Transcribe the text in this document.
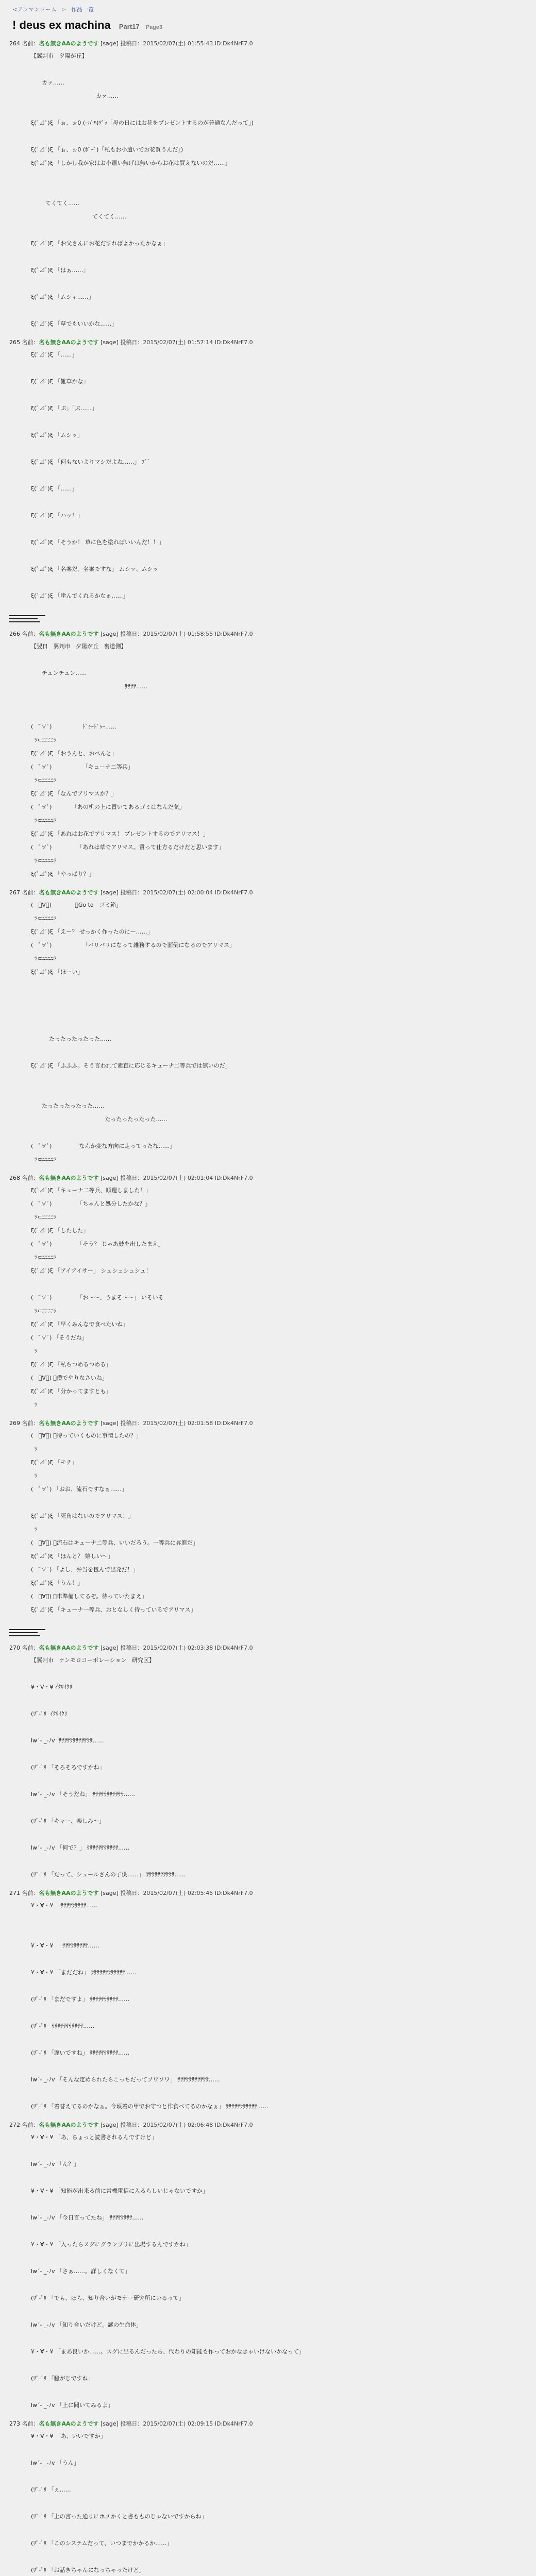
<アンマンドーム > 作品一覧
! deus ex machina Part17 Page3
264 名前：名も無きAAのようです [sage] 投稿日：2015/02/07(土) 01:55:43 ID:Dk4NrF7.0
【翼判市   夕陽が丘】

カァ……
カァ……

ξ(ﾟ⊿ﾟ)ξ 「ぉ、ぉ0 (ｰﾊﾞﾊ)ﾂﾞｯ「母の日にはお花をプレゼントするのが普通なんだって」)

ξ(ﾟ⊿ﾟ)ξ 「ぉ、ぉ0 (ﾎﾞｰﾞ)「私もお小遣いでお花買うんだ」)
ξ(ﾟ⊿ﾟ)ξ 「しかし我が家はお小遣い無げは無いからお花は買えないのだ……」

てくてく……
てくてく……

ξ(ﾟ⊿ﾟ)ξ 「お父さんにお花だすればよかったかなぁ」

ξ(ﾟ⊿ﾟ)ξ 「はぁ……」

ξ(ﾟ⊿ﾟ)ξ 「ムシィ……」

ξ(ﾟ⊿ﾟ)ξ 「草でもいいかな……」
265 名前：名も無きAAのようです [sage] 投稿日：2015/02/07(土) 01:57:14 ID:Dk4NrF7.0
ξ(ﾟ⊿ﾟ)ξ 「……」

ξ(ﾟ⊿ﾟ)ξ 「雑草かな」

ξ(ﾟ⊿ﾟ)ξ 「ぷ」「ぷ……」

ξ(ﾟ⊿ﾟ)ξ 「ムシッ」

ξ(ﾟ⊿ﾟ)ξ 「何もないよりマシだよね……」 ﾌﾞﾞ

ξ(ﾟ⊿ﾟ)ξ 「……」

ξ(ﾟ⊿ﾟ)ξ 「ハッ！」

ξ(ﾟ⊿ﾟ)ξ 「そうか！ 草に色を塗ればいいんだ！！」

ξ(ﾟ⊿ﾟ)ξ 「名案だ。名案ですな」 ムシッ、ムシッ

ξ(ﾟ⊿ﾟ)ξ 「塗んでくれるかなぁ……」
266 名前：名も無きAAのようです [sage] 投稿日：2015/02/07(土) 01:58:55 ID:Dk4NrF7.0
【翌日   翼判市   夕陽が丘   裏道側】

チュンチュン……
ｻｻｻｻ……

(   ﾟ∀ﾟ)                 ﾄﾞｩｰﾄﾞｩｰ……
ﾂ⊂ﾆﾆﾆﾆﾂ
ξ(ﾟ⊿ﾟ)ξ 「おうんと、おべんと」
(   ﾟ∀ﾟ)                 「キューナ二等兵」
ﾂ⊂ﾆﾆﾆﾆﾂ
ξ(ﾟ⊿ﾟ)ξ 「なんでアリマスか？」
(   ﾟ∀ﾟ)           「あの机の上に置いてあるゴミはなんだ気」
ﾂ⊂ﾆﾆﾆﾆﾂ
ξ(ﾟ⊿ﾟ)ξ 「あれはお花でアリマス！ プレゼントするのでアリマス！」
(   ﾟ∀ﾟ)              「あれは草でアリマス。質って仕方るだけだと思います」
ﾂ⊂ﾆﾆﾆﾆﾂ
ξ(ﾟ⊿ﾟ)ξ 「やっぱり？」
267 名前：名も無きAAのようです [sage] 投稿日：2015/02/07(土) 02:00:04 ID:Dk4NrF7.0
(   ﾟ∀ﾟ)             「Go to   ゴミ箱」
ﾂ⊂ﾆﾆﾆﾆﾂ
ξ(ﾟ⊿ﾟ)ξ 「えー？ せっかく作ったのにー……」
(   ﾟ∀ﾟ)                 「バリバリになって雑務するので面倒になるのでアリマス」
ﾂ⊂ﾆﾆﾆﾆﾂ
ξ(ﾟ⊿ﾟ)ξ 「ほーい」

たったったったった……

ξ(ﾟ⊿ﾟ)ξ 「ふふふ。そう言われて素直に応じるキューナ二等兵では無いのだ」

たったったったった……
たったったったった……

(   ﾟ∀ﾟ)            「なんか変な方向に走ってったな……」
ﾂ⊂ﾆﾆﾆﾆﾂ
268 名前：名も無きAAのようです [sage] 投稿日：2015/02/07(土) 02:01:04 ID:Dk4NrF7.0
ξ(ﾟ⊿ﾟ)ξ 「キューナ二等兵、順還しました！」
(   ﾟ∀ﾟ)              「ちゃんと処分したかな？」
ﾂ⊂ﾆﾆﾆﾆﾂ
ξ(ﾟ⊿ﾟ)ξ 「したした」
(   ﾟ∀ﾟ)              「そう？ じゃあ鼓を出したまえ」
ﾂ⊂ﾆﾆﾆﾆﾂ
ξ(ﾟ⊿ﾟ)ξ 「アイアイサー」 シュシュシュシュ！

(   ﾟ∀ﾟ)              「お〜〜、うまそ〜〜」 いそいそ
ﾂ⊂ﾆﾆﾆﾆﾂ
ξ(ﾟ⊿ﾟ)ξ 「早くみんなで食べたいね」
(   ﾟ∀ﾟ) 「そうだね」
ﾂ
ξ(ﾟ⊿ﾟ)ξ 「私ちつめるつめる」
(   ﾟ∀ﾟ) 「僕でやりなさいね」
ξ(ﾟ⊿ﾟ)ξ 「分かってますとも」
ﾂ
269 名前：名も無きAAのようです [sage] 投稿日：2015/02/07(土) 02:01:58 ID:Dk4NrF7.0
(   ﾟ∀ﾟ) 「待っていくものに事情したの？」
ﾂ
ξ(ﾟ⊿ﾟ)ξ 「モチ」
ﾂ
(   ﾟ∀ﾟ) 「おお、流石ですなぁ……」

ξ(ﾟ⊿ﾟ)ξ 「死角はないのでアリマス！」
ﾂ
(   ﾟ∀ﾟ) 「流石はキューナ二等兵、いいだろう。一等兵に昇進だ」
ξ(ﾟ⊿ﾟ)ξ 「ほんと？ 嬉しい〜」
(   ﾟ∀ﾟ) 「よし、弁当を包んで出発だ！」
ξ(ﾟ⊿ﾟ)ξ 「うん！」
(   ﾟ∀ﾟ) 「車準備してるぞ。待っていたまえ」
ξ(ﾟ⊿ﾟ)ξ 「キューナ一等兵、おとなしく待っているでアリマス」
270 名前：名も無きAAのようです [sage] 投稿日：2015/02/07(土) 02:03:38 ID:Dk4NrF7.0
【翼判市   ケンモロコーポレーション   研究区】

¥・∀・¥ ｲｸﾘｲｸﾘ

(ﾘﾟ-ﾟﾘ  ｲｸﾘｲｸﾘ

lw´‐ _‐ﾉv  ｻｻｻｻｻｻｻｻｻｻｻｻ……

(ﾘﾟ-ﾟﾘ 「そろそろですかね」

lw´‐ _‐ﾉv 「そうだね」 ｻｻｻｻｻｻｻｻｻｻｻ……

(ﾘﾟ-ﾟﾘ 「キャー、楽しみ〜」

lw´‐ _‐ﾉv 「何で？」 ｻｻｻｻｻｻｻｻｻｻｻ……

(ﾘﾟ-ﾟﾘ 「だって、シュールさんの子供……」 ｻｻｻｻｻｻｻｻｻｻ……
271 名前：名も無きAAのようです [sage] 投稿日：2015/02/07(土) 02:05:45 ID:Dk4NrF7.0
¥・∀・¥    ｻｻｻｻｻｻｻｻｻ……

¥・∀・¥     ｻｻｻｻｻｻｻｻｻ……

¥・∀・¥ 「まだだね」 ｻｻｻｻｻｻｻｻｻｻｻｻ……

(ﾘﾟ-ﾟﾘ 「まだですよ」 ｻｻｻｻｻｻｻｻｻｻ……

(ﾘﾟ-ﾟﾘ   ｻｻｻｻｻｻｻｻｻｻｻ……

(ﾘﾟ-ﾟﾘ 「遅いですね」 ｻｻｻｻｻｻｻｻｻｻ……

lw´‐ _‐ﾉv 「そんな定められたらこっちだってソワソワ」 ｻｻｻｻｻｻｻｻｻｻｻ……

(ﾘﾟ-ﾟﾘ 「着替えてるのかなぁ。今頃着の甲でお守つと作食べてるのかなぁ」 ｻｻｻｻｻｻｻｻｻｻｻ……
272 名前：名も無きAAのようです [sage] 投稿日：2015/02/07(土) 02:06:48 ID:Dk4NrF7.0
¥・∀・¥ 「あ、ちょっと読書されるんですけど」

lw´‐ _‐ﾉv 「ん？」

¥・∀・¥ 「知能が出来る前に常機電信に入るらしいじゃないですか」

lw´‐ _‐ﾉv 「今日言ってたね」 ｻｻｻｻｻｻｻｻ……

¥・∀・¥ 「入ったらスグにグランプリに出場するんですかね」

lw´‐ _‐ﾉv 「さぁ……。詳しくなくて」

(ﾘﾟ-ﾟﾘ 「でも、ほら、知り合いがモナー研究所にいるって」

lw´‐ _‐ﾉv 「知り合いだけど。謎の生命体」

¥・∀・¥ 「まあ良いか……。スグに出るんだったら、代わりの知能も作っておかなきゃいけないかなって」

(ﾘﾟ-ﾟﾘ 「騒がじですね」

lw´‐ _‐ﾉv 「上に聞いてみるよ」
273 名前：名も無きAAのようです [sage] 投稿日：2015/02/07(土) 02:09:15 ID:Dk4NrF7.0
¥・∀・¥ 「あ、いいですか」

lw´‐ _‐ﾉv 「うん」

(ﾘﾟ-ﾟﾘ 「ぇ……

(ﾘﾟ-ﾟﾘ 「上の言った通りにホメかくと書もものじゃないですからね」

(ﾘﾟ-ﾟﾘ 「このシステムだって、いつまでかかるか……」

(ﾘﾟ-ﾟﾘ 「お話きちゃんになっちゃったけど」
